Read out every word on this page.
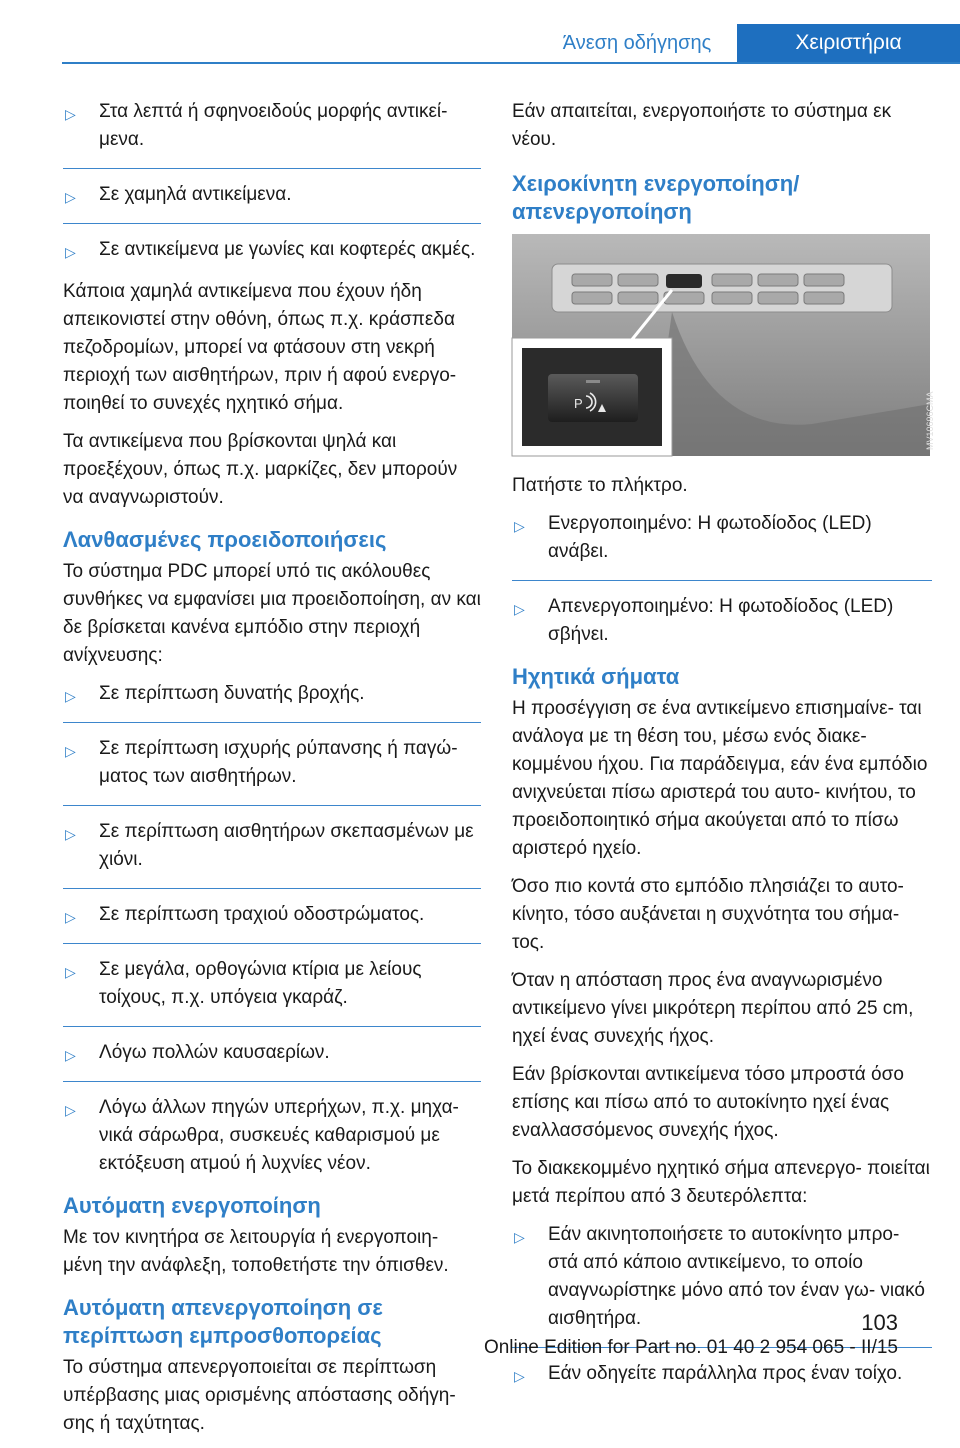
Άνεση οδήγησης	Χειριστήρια
▷ Στα λεπτά ή σφηνοειδούς μορφής αντικεί‐ μενα.
▷ Σε χαμηλά αντικείμενα.
▷ Σε αντικείμενα με γωνίες και κοφτερές ακμές.

Κάποια χαμηλά αντικείμενα που έχουν ήδη απεικονιστεί στην οθόνη, όπως π.χ. κράσπεδα πεζοδρομίων, μπορεί να φτάσουν στη νεκρή περιοχή των αισθητήρων, πριν ή αφού ενεργο‐ ποιηθεί το συνεχές ηχητικό σήμα.

Τα αντικείμενα που βρίσκονται ψηλά και προεξέχουν, όπως π.χ. μαρκίζες, δεν μπορούν να αναγνωριστούν.

Λανθασμένες προειδοποιήσεις

Το σύστημα PDC μπορεί υπό τις ακόλουθες συνθήκες να εμφανίσει μια προειδοποίηση, αν και δε βρίσκεται κανένα εμπόδιο στην περιοχή ανίχνευσης:

▷ Σε περίπτωση δυνατής βροχής.
▷ Σε περίπτωση ισχυρής ρύπανσης ή παγώ‐ ματος των αισθητήρων.
▷ Σε περίπτωση αισθητήρων σκεπασμένων με χιόνι.
▷ Σε περίπτωση τραχιού οδοστρώματος.
▷ Σε μεγάλα, ορθογώνια κτίρια με λείους τοίχους, π.χ. υπόγεια γκαράζ.
▷ Λόγω πολλών καυσαερίων.
▷ Λόγω άλλων πηγών υπερήχων, π.χ. μηχα‐ νικά σάρωθρα, συσκευές καθαρισμού με εκτόξευση ατμού ή λυχνίες νέον.
Αυτόματη ενεργοποίηση

Με τον κινητήρα σε λειτουργία ή ενεργοποιη‐ μένη την ανάφλεξη, τοποθετήστε την όπισθεν.

Αυτόματη απενεργοποίηση σε περίπτωση εμπροσθοπορείας

Το σύστημα απενεργοποιείται σε περίπτωση υπέρβασης μιας ορισμένης απόστασης οδήγη‐ σης ή ταχύτητας.

Εάν απαιτείται, ενεργοποιήστε το σύστημα εκ νέου.

Χειροκίνητη ενεργοποίηση/ απενεργοποίηση
P	MV10696CMA

Πατήστε το πλήκτρο.

▷ Ενεργοποιημένο: Η φωτοδίοδος (LED) ανάβει.
▷ Απενεργοποιημένο: Η φωτοδίοδος (LED) σβήνει.
Ηχητικά σήματα

Η προσέγγιση σε ένα αντικείμενο επισημαίνε‐ ται ανάλογα με τη θέση του, μέσω ενός διακε‐ κομμένου ήχου. Για παράδειγμα, εάν ένα εμπόδιο ανιχνεύεται πίσω αριστερά του αυτο‐ κινήτου, το προειδοποιητικό σήμα ακούγεται από το πίσω αριστερό ηχείο.

Όσο πιο κοντά στο εμπόδιο πλησιάζει το αυτο‐ κίνητο, τόσο αυξάνεται η συχνότητα του σήμα‐ τος.

Όταν η απόσταση προς ένα αναγνωρισμένο αντικείμενο γίνει μικρότερη περίπου από 25 cm, ηχεί ένας συνεχής ήχος.

Εάν βρίσκονται αντικείμενα τόσο μπροστά όσο επίσης και πίσω από το αυτοκίνητο ηχεί ένας εναλλασσόμενος συνεχής ήχος.

Το διακεκομμένο ηχητικό σήμα απενεργο‐ ποιείται μετά περίπου από 3 δευτερόλεπτα:

▷ Εάν ακινητοποιήσετε το αυτοκίνητο μπρο‐ στά από κάποιο αντικείμενο, το οποίο αναγνωρίστηκε μόνο από τον έναν γω‐ νιακό αισθητήρα.
▷ Εάν οδηγείτε παράλληλα προς έναν τοίχο.
103
Online Edition for Part no. 01 40 2 954 065 - II/15
